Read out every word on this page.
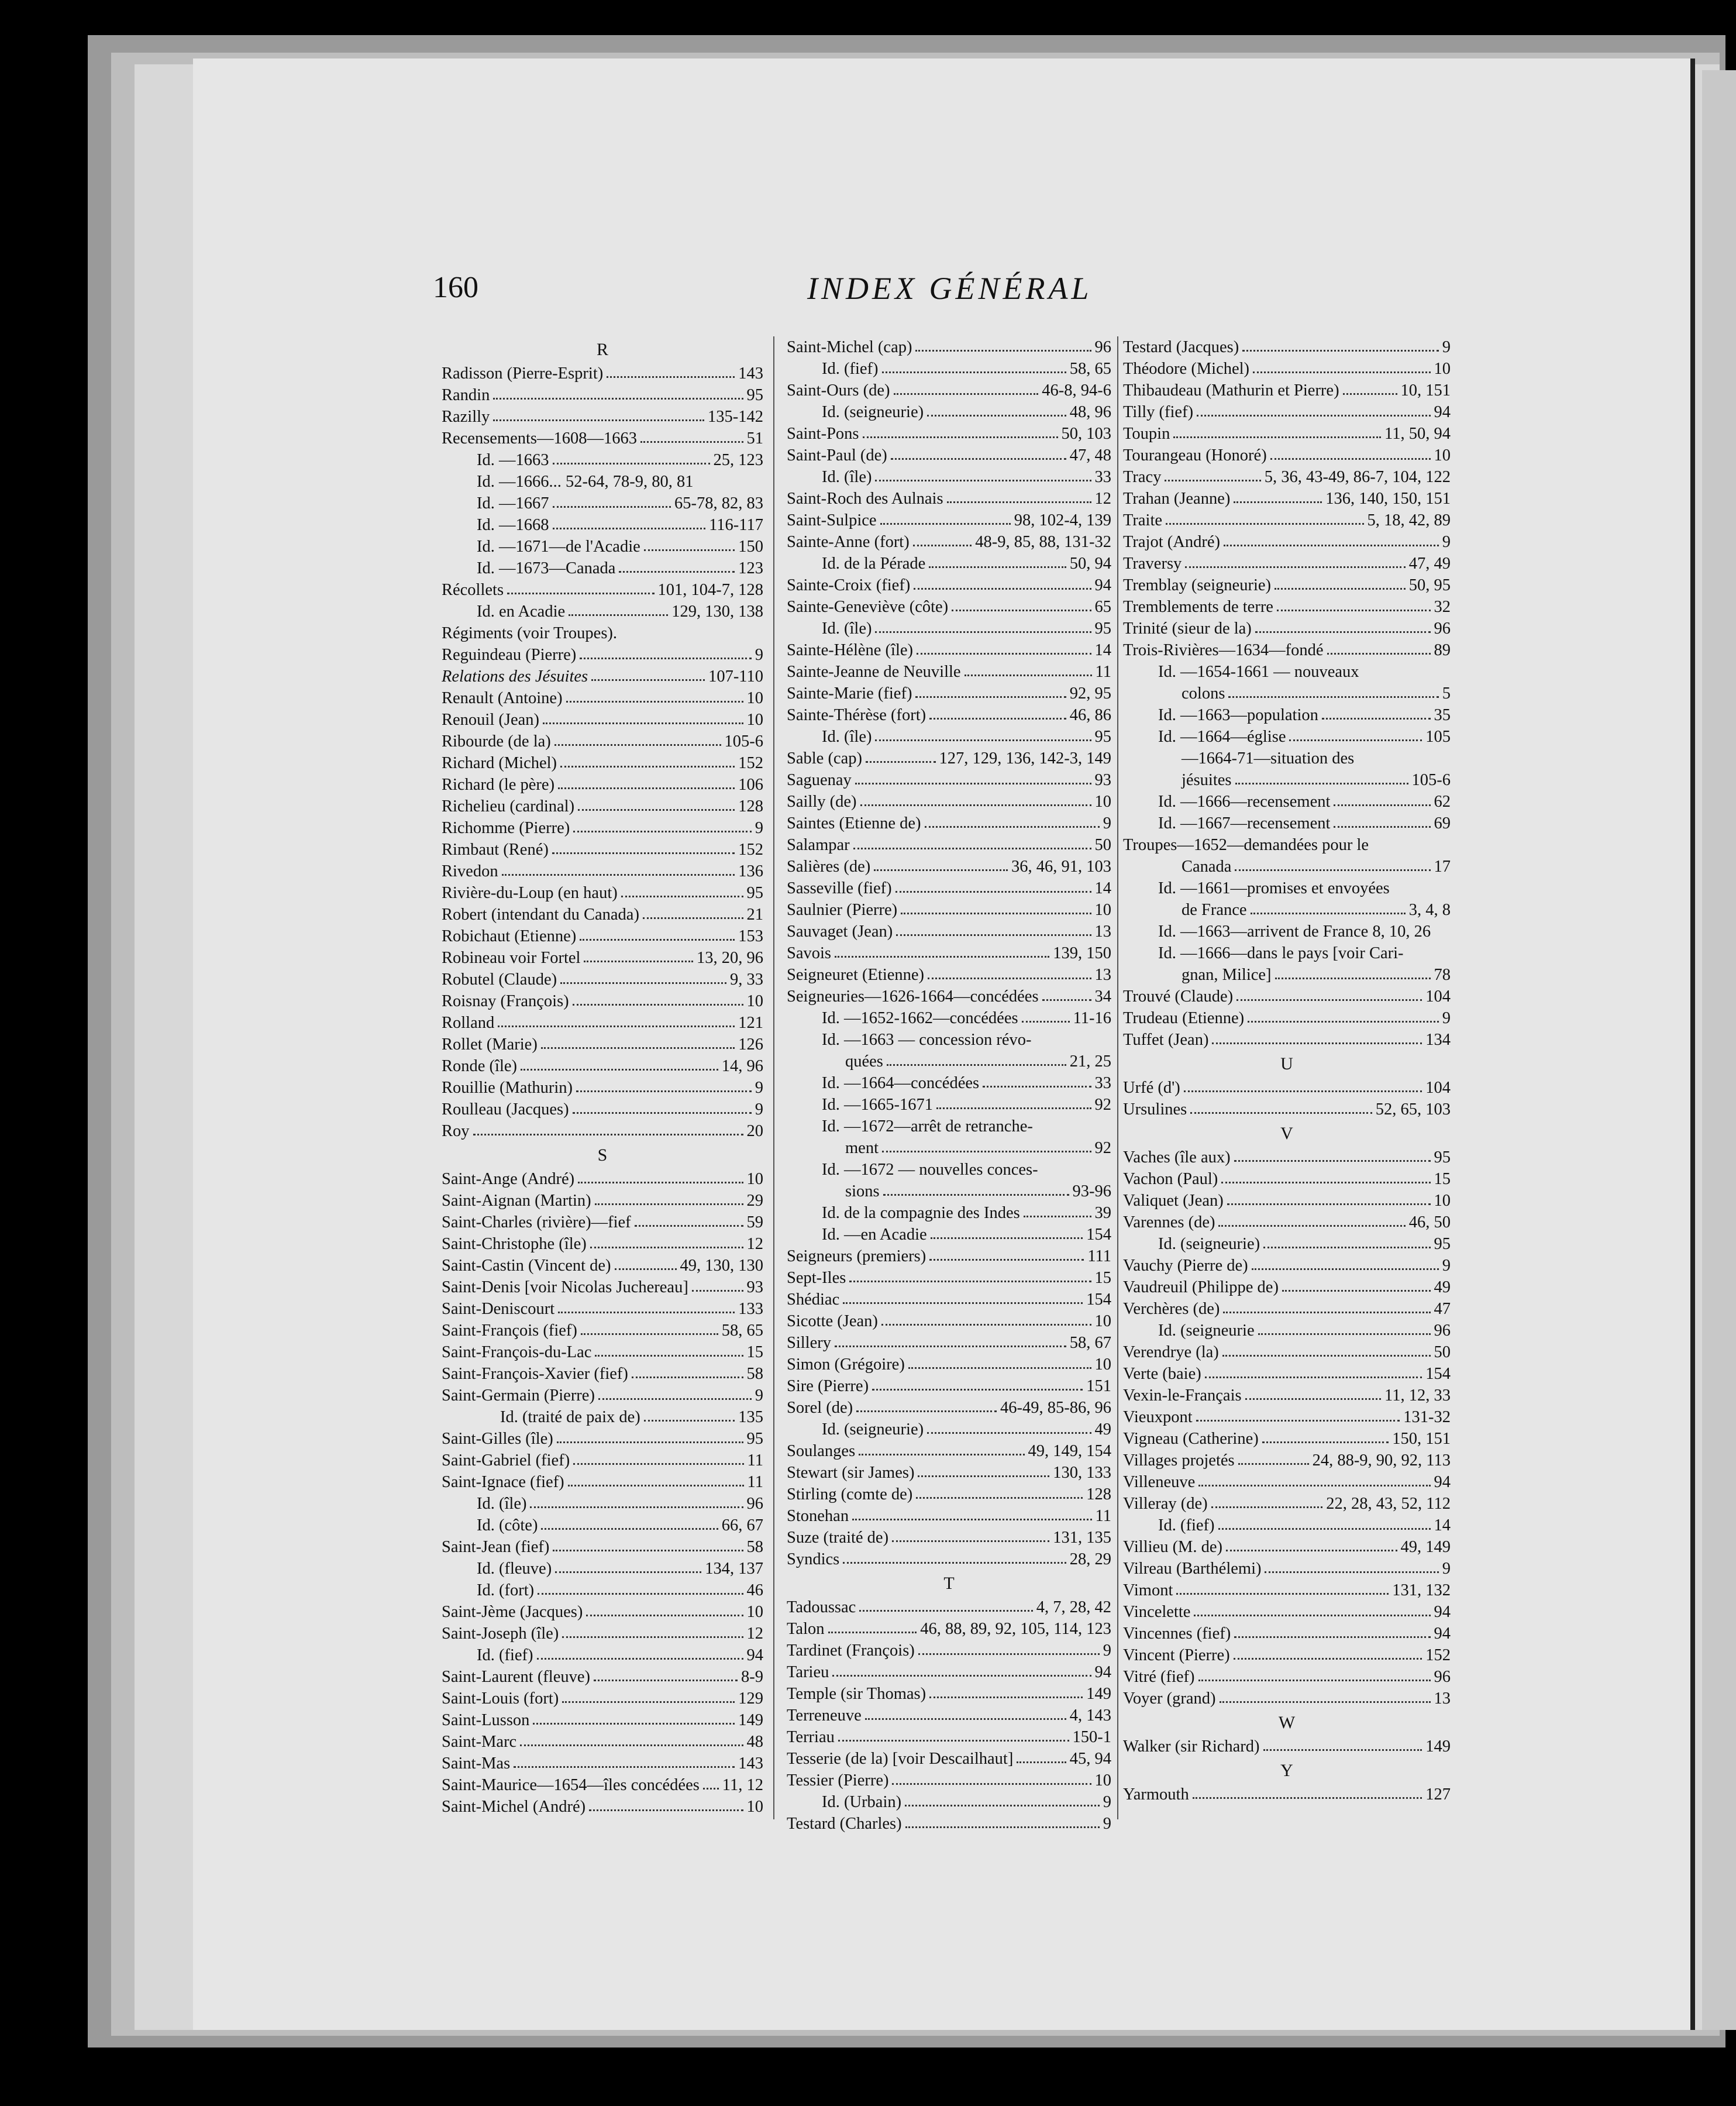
160	INDEX GÉNÉRAL
R
Radisson (Pierre-Esprit)	143
Randin	95
Razilly	135-142
Recensements—1608—1663	51
Id. —1663	25, 123
Id. —1666... 52-64, 78-9, 80, 81
Id. —1667	65-78, 82, 83
Id. —1668	116-117
Id. —1671—de l'Acadie	150
Id. —1673—Canada	123
Récollets	101, 104-7, 128
Id. en Acadie	129, 130, 138
Régiments (voir Troupes).
Reguindeau (Pierre)	9
Relations des Jésuites	107-110
Renault (Antoine)	10
Renouil (Jean)	10
Ribourde (de la)	105-6
Richard (Michel)	152
Richard (le père)	106
Richelieu (cardinal)	128
Richomme (Pierre)	9
Rimbaut (René)	152
Rivedon	136
Rivière-du-Loup (en haut)	95
Robert (intendant du Canada)	21
Robichaut (Etienne)	153
Robineau voir Fortel	13, 20, 96
Robutel (Claude)	9, 33
Roisnay (François)	10
Rolland	121
Rollet (Marie)	126
Ronde (île)	14, 96
Rouillie (Mathurin)	9
Roulleau (Jacques)	9
Roy	20
S
Saint-Ange (André)	10
Saint-Aignan (Martin)	29
Saint-Charles (rivière)—fief	59
Saint-Christophe (île)	12
Saint-Castin (Vincent de)	49, 130, 130
Saint-Denis [voir Nicolas Juchereau]	93
Saint-Deniscourt	133
Saint-François (fief)	58, 65
Saint-François-du-Lac	15
Saint-François-Xavier (fief)	58
Saint-Germain (Pierre)	9
Id. (traité de paix de)	135
Saint-Gilles (île)	95
Saint-Gabriel (fief)	11
Saint-Ignace (fief)	11
Id. (île)	96
Id. (côte)	66, 67
Saint-Jean (fief)	58
Id. (fleuve)	134, 137
Id. (fort)	46
Saint-Jème (Jacques)	10
Saint-Joseph (île)	12
Id. (fief)	94
Saint-Laurent (fleuve)	8-9
Saint-Louis (fort)	129
Saint-Lusson	149
Saint-Marc	48
Saint-Mas	143
Saint-Maurice—1654—îles concédées 11, 12
Saint-Michel (André)	10
Saint-Michel (cap)	96
Id. (fief)	58, 65
Saint-Ours (de)	46-8, 94-6
Id. (seigneurie)	48, 96
Saint-Pons	50, 103
Saint-Paul (de)	47, 48
Id. (île)	33
Saint-Roch des Aulnais	12
Saint-Sulpice	98, 102-4, 139
Sainte-Anne (fort)	48-9, 85, 88, 131-32
Id. de la Pérade	50, 94
Sainte-Croix (fief)	94
Sainte-Geneviève (côte)	65
Id. (île)	95
Sainte-Hélène (île)	14
Sainte-Jeanne de Neuville	11
Sainte-Marie (fief)	92, 95
Sainte-Thérèse (fort)	46, 86
Id. (île)	95
Sable (cap)	127, 129, 136, 142-3, 149
Saguenay	93
Sailly (de)	10
Saintes (Etienne de)	9
Salampar	50
Salières (de)	36, 46, 91, 103
Sasseville (fief)	14
Saulnier (Pierre)	10
Sauvaget (Jean)	13
Savois	139, 150
Seigneuret (Etienne)	13
Seigneuries—1626-1664—concédées	34
Id. —1652-1662—concédées	11-16
Id. —1663 — concession révo-
quées	21, 25
Id. —1664—concédées	33
Id. —1665-1671	92
Id. —1672—arrêt de retranche-
ment	92
Id. —1672 — nouvelles conces-
sions	93-96
Id. de la compagnie des Indes	39
Id. —en Acadie	154
Seigneurs (premiers)	111
Sept-Iles	15
Shédiac	154
Sicotte (Jean)	10
Sillery	58, 67
Simon (Grégoire)	10
Sire (Pierre)	151
Sorel (de)	46-49, 85-86, 96
Id. (seigneurie)	49
Soulanges	49, 149, 154
Stewart (sir James)	130, 133
Stirling (comte de)	128
Stonehan	11
Suze (traité de)	131, 135
Syndics	28, 29
T
Tadoussac	4, 7, 28, 42
Talon	46, 88, 89, 92, 105, 114, 123
Tardinet (François)	9
Tarieu	94
Temple (sir Thomas)	149
Terreneuve	4, 143
Terriau	150-1
Tesserie (de la) [voir Descailhaut]	45, 94
Tessier (Pierre)	10
Id. (Urbain)	9
Testard (Charles)	9
Testard (Jacques)	9
Théodore (Michel)	10
Thibaudeau (Mathurin et Pierre)	10, 151
Tilly (fief)	94
Toupin	11, 50, 94
Tourangeau (Honoré)	10
Tracy	5, 36, 43-49, 86-7, 104, 122
Trahan (Jeanne)	136, 140, 150, 151
Traite	5, 18, 42, 89
Trajot (André)	9
Traversy	47, 49
Tremblay (seigneurie)	50, 95
Tremblements de terre	32
Trinité (sieur de la)	96
Trois-Rivières—1634—fondé	89
Id. —1654-1661 — nouveaux
colons	5
Id. —1663—population	35
Id. —1664—église	105
—1664-71—situation des
jésuites	105-6
Id. —1666—recensement	62
Id. —1667—recensement	69
Troupes—1652—demandées pour le
Canada	17
Id. —1661—promises et envoyées
de France	3, 4, 8
Id. —1663—arrivent de France 8, 10, 26
Id. —1666—dans le pays [voir Cari-
gnan, Milice]	78
Trouvé (Claude)	104
Trudeau (Etienne)	9
Tuffet (Jean)	134
U
Urfé (d')	104
Ursulines	52, 65, 103
V
Vaches (île aux)	95
Vachon (Paul)	15
Valiquet (Jean)	10
Varennes (de)	46, 50
Id. (seigneurie)	95
Vauchy (Pierre de)	9
Vaudreuil (Philippe de)	49
Verchères (de)	47
Id. (seigneurie	96
Verendrye (la)	50
Verte (baie)	154
Vexin-le-Français	11, 12, 33
Vieuxpont	131-32
Vigneau (Catherine)	150, 151
Villages projetés	24, 88-9, 90, 92, 113
Villeneuve	94
Villeray (de)	22, 28, 43, 52, 112
Id. (fief)	14
Villieu (M. de)	49, 149
Vilreau (Barthélemi)	9
Vimont	131, 132
Vincelette	94
Vincennes (fief)	94
Vincent (Pierre)	152
Vitré (fief)	96
Voyer (grand)	13
W
Walker (sir Richard)	149
Y
Yarmouth	127
